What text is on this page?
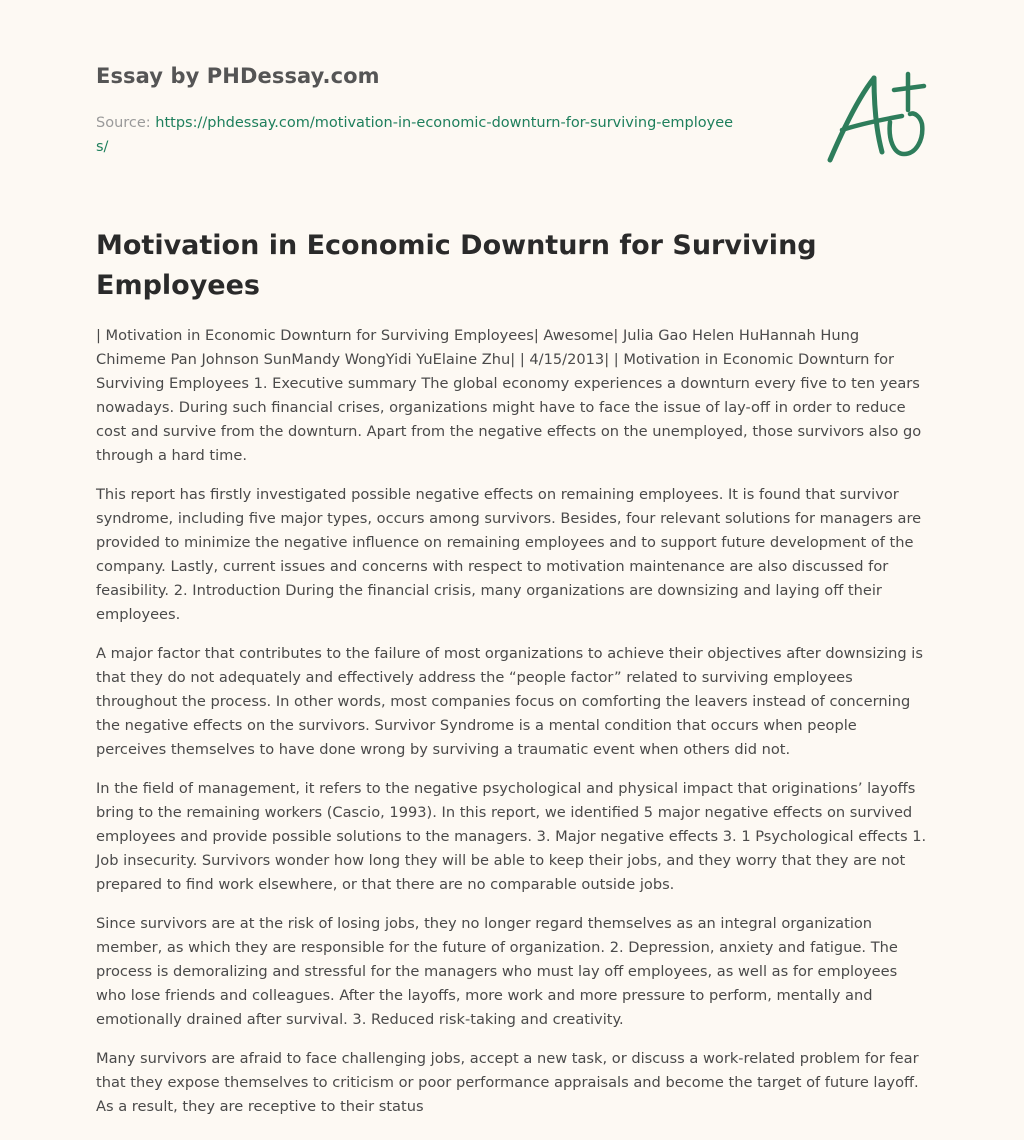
Essay by PHDessay.com
Source: https://phdessay.com/motivation-in-economic-downturn-for-surviving-employees/
Motivation in Economic Downturn for Surviving Employees

| Motivation in Economic Downturn for Surviving Employees| Awesome| Julia Gao Helen HuHannah Hung Chimeme Pan Johnson SunMandy WongYidi YuElaine Zhu| | 4/15/2013| | Motivation in Economic Downturn for Surviving Employees 1. Executive summary The global economy experiences a downturn every five to ten years nowadays. During such financial crises, organizations might have to face the issue of lay-off in order to reduce cost and survive from the downturn. Apart from the negative effects on the unemployed, those survivors also go through a hard time.

This report has firstly investigated possible negative effects on remaining employees. It is found that survivor syndrome, including five major types, occurs among survivors. Besides, four relevant solutions for managers are provided to minimize the negative influence on remaining employees and to support future development of the company. Lastly, current issues and concerns with respect to motivation maintenance are also discussed for feasibility. 2. Introduction During the financial crisis, many organizations are downsizing and laying off their employees.

A major factor that contributes to the failure of most organizations to achieve their objectives after downsizing is that they do not adequately and effectively address the “people factor” related to surviving employees throughout the process. In other words, most companies focus on comforting the leavers instead of concerning the negative effects on the survivors. Survivor Syndrome is a mental condition that occurs when people perceives themselves to have done wrong by surviving a traumatic event when others did not.

In the field of management, it refers to the negative psychological and physical impact that originations’ layoffs bring to the remaining workers (Cascio, 1993). In this report, we identified 5 major negative effects on survived employees and provide possible solutions to the managers. 3. Major negative effects 3. 1 Psychological effects 1. Job insecurity. Survivors wonder how long they will be able to keep their jobs, and they worry that they are not prepared to find work elsewhere, or that there are no comparable outside jobs.

Since survivors are at the risk of losing jobs, they no longer regard themselves as an integral organization member, as which they are responsible for the future of organization. 2. Depression, anxiety and fatigue. The process is demoralizing and stressful for the managers who must lay off employees, as well as for employees who lose friends and colleagues. After the layoffs, more work and more pressure to perform, mentally and emotionally drained after survival. 3. Reduced risk-taking and creativity.

Many survivors are afraid to face challenging jobs, accept a new task, or discuss a work-related problem for fear that they expose themselves to criticism or poor performance appraisals and become the target of future layoff. As a result, they are receptive to their status
